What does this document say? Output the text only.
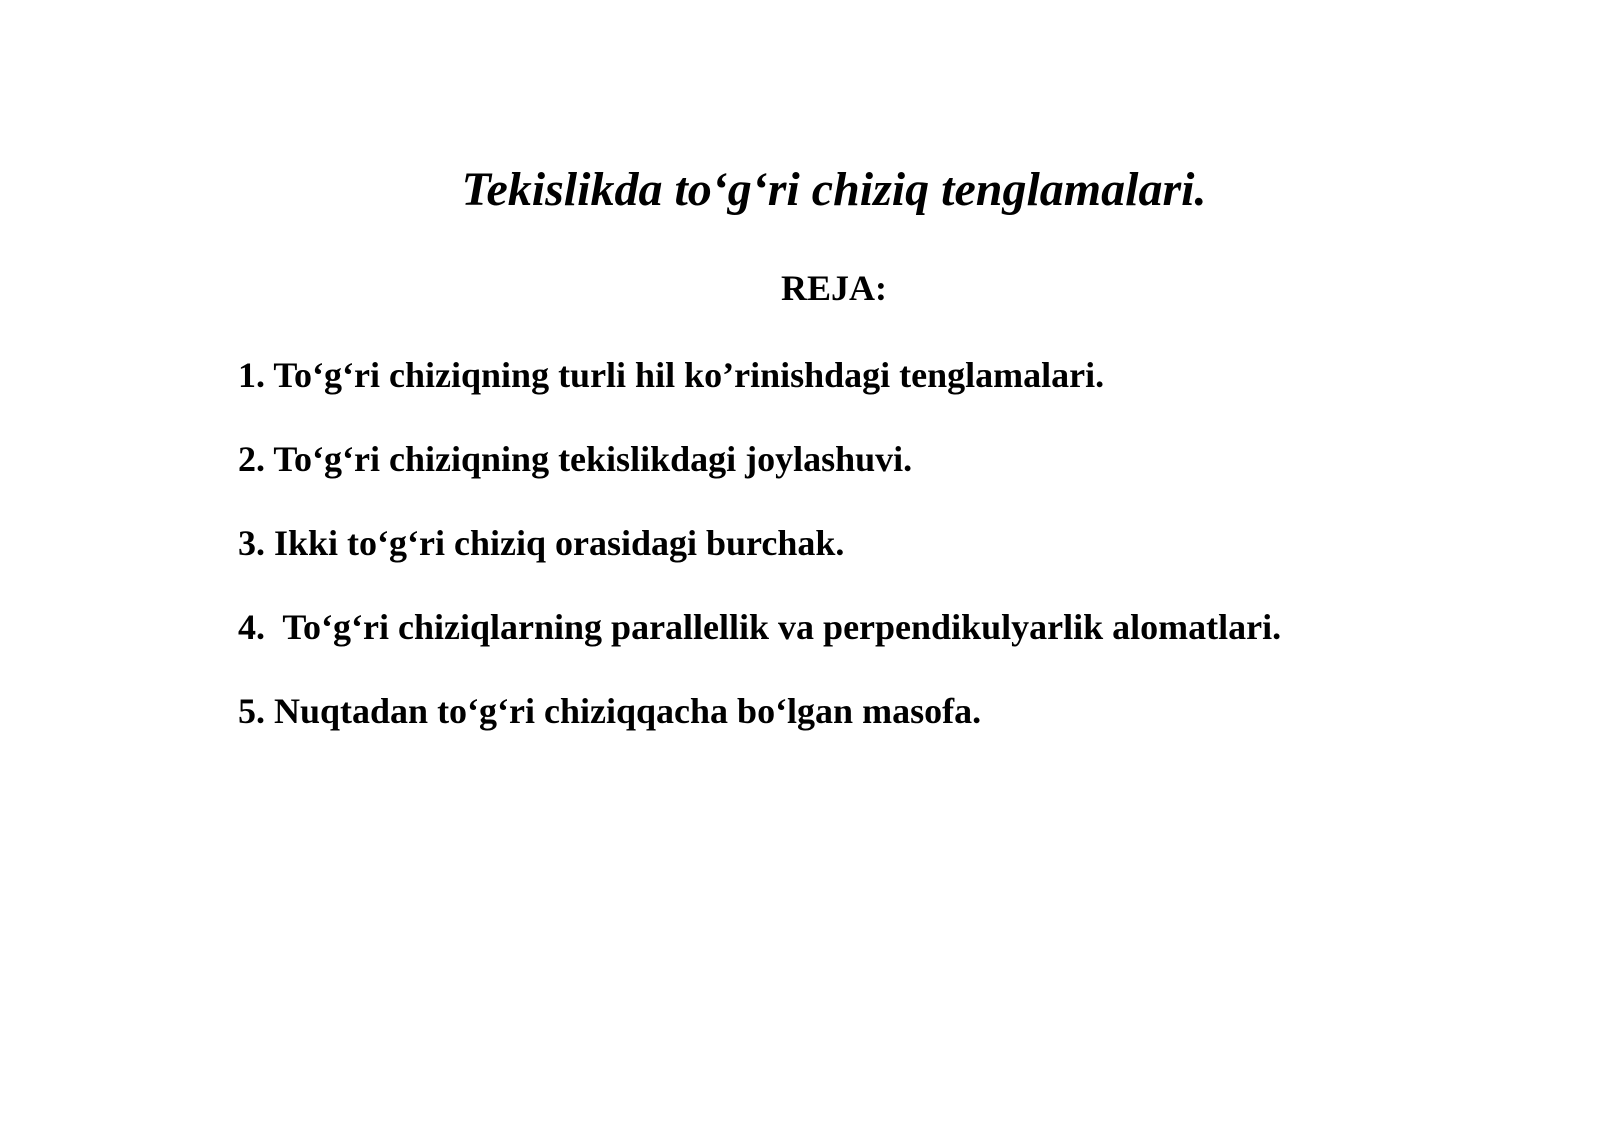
Tekislikda to‘g‘ri chiziq tenglamalari.
REJA:
1. To‘g‘ri chiziqning turli hil ko’rinishdagi tenglamalari.
2. To‘g‘ri chiziqning tekislikdagi joylashuvi.
3. Ikki to‘g‘ri chiziq orasidagi burchak.
4.  To‘g‘ri chiziqlarning parallellik va perpendikulyarlik alomatlari.
5. Nuqtadan to‘g‘ri chiziqqacha bo‘lgan masofa.
